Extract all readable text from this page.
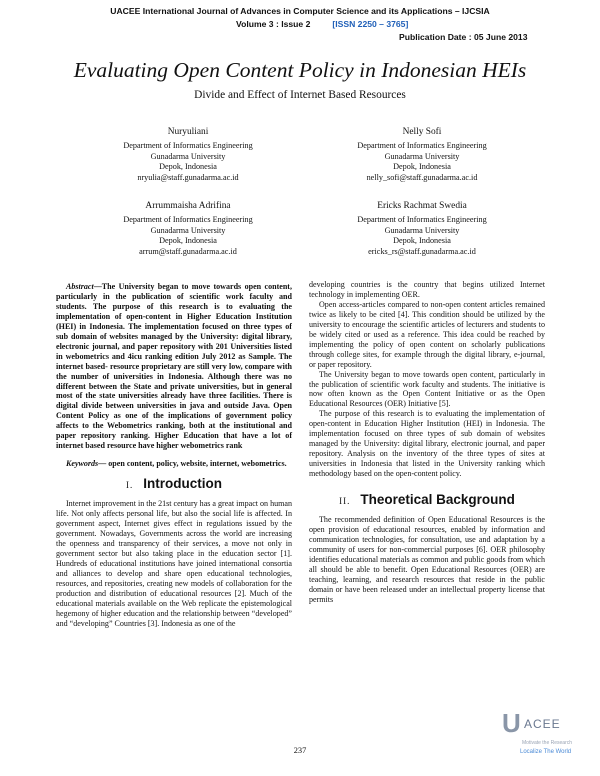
UACEE International Journal of Advances in Computer Science and its Applications – IJCSIA
Volume 3 : Issue 2	[ISSN 2250 – 3765]
Publication Date : 05 June 2013
Evaluating Open Content Policy in Indonesian HEIs
Divide and Effect of Internet Based Resources
Nuryuliani
Department of Informatics Engineering
Gunadarma University
Depok, Indonesia
nryulia@staff.gunadarma.ac.id
Nelly Sofi
Department of Informatics Engineering
Gunadarma University
Depok, Indonesia
nelly_sofi@staff.gunadarma.ac.id
Arrummaisha Adrifina
Department of Informatics Engineering
Gunadarma University
Depok, Indonesia
arrum@staff.gunadarma.ac.id
Ericks Rachmat Swedia
Department of Informatics Engineering
Gunadarma University
Depok, Indonesia
ericks_rs@staff.gunadarma.ac.id

Abstract—The University began to move towards open content, particularly in the publication of scientific work faculty and students. The purpose of this research is to evaluating the implementation of open-content in Higher Education Institution (HEI) in Indonesia. The implementation focused on three types of sub domain of websites managed by the University: digital library, electronic journal, and paper repository with 201 Universities listed in webometrics and 4icu ranking edition July 2012 as Sample. The internet based- resource proprietary are still very low, compare with the number of universities in Indonesia. Although there was no different between the State and private universities, but in general most of the state universities already have three facilities. There is digital divide between universities in java and outside Java. Open Content Policy as one of the implications of government policy affects to the Webometrics ranking, both at the institutional and paper repository ranking. Higher Education that have a lot of internet based resource have higher webometrics rank

Keywords— open content, policy, website, internet, webometrics.

I. Introduction

Internet improvement in the 21st century has a great impact on human life. Not only affects personal life, but also the social life is affected. In government aspect, Internet gives effect in regulations issued by the government. Nowadays, Governments across the world are increasing the openness and transparency of their services, a move not only in government sector but also taking place in the education sector [1]. Hundreds of educational institutions have joined international consortia and alliances to develop and share open educational technologies, resources, and repositories, creating new models of collaboration for the production and distribution of educational resources [2]. Much of the educational materials available on the Web replicate the epistemological hegemony of higher education and the relationship between “developed” and “developing” Countries [3]. Indonesia as one of the

developing countries is the country that begins utilized Internet technology in implementing OER.

Open access-articles compared to non-open content articles remained twice as likely to be cited [4]. This condition should be utilized by the university to encourage the scientific articles of lecturers and students to be widely cited or used as a reference. This idea could be reached by implementing the policy of open content on scholarly publications through college sites, for example through the digital library, e-journal, or paper repository.

The University began to move towards open content, particularly in the publication of scientific work faculty and students. The initiative is now often known as the Open Content Initiative or as the Open Educational Resources (OER) Initiative [5].

The purpose of this research is to evaluating the implementation of open-content in Education Higher Institution (HEI) in Indonesia. The implementation focused on three types of sub domain of websites managed by the University: digital library, electronic journal, and paper repository. Analysis on the inventory of the three types of sites at universities in Indonesia that listed in the University ranking which methodology based on the open-content policy.

II. Theoretical Background

The recommended definition of Open Educational Resources is the open provision of educational resources, enabled by information and communication technologies, for consultation, use and adaptation by a community of users for non-commercial purposes [6]. OER philosophy identifies educational materials as common and public goods from which all should be able to benefit. Open Educational Resources (OER) are teaching, learning, and research resources that reside in the public domain or have been released under an intellectual property license that permits

237
U ACEE
Motivate the Research
Localize The World
